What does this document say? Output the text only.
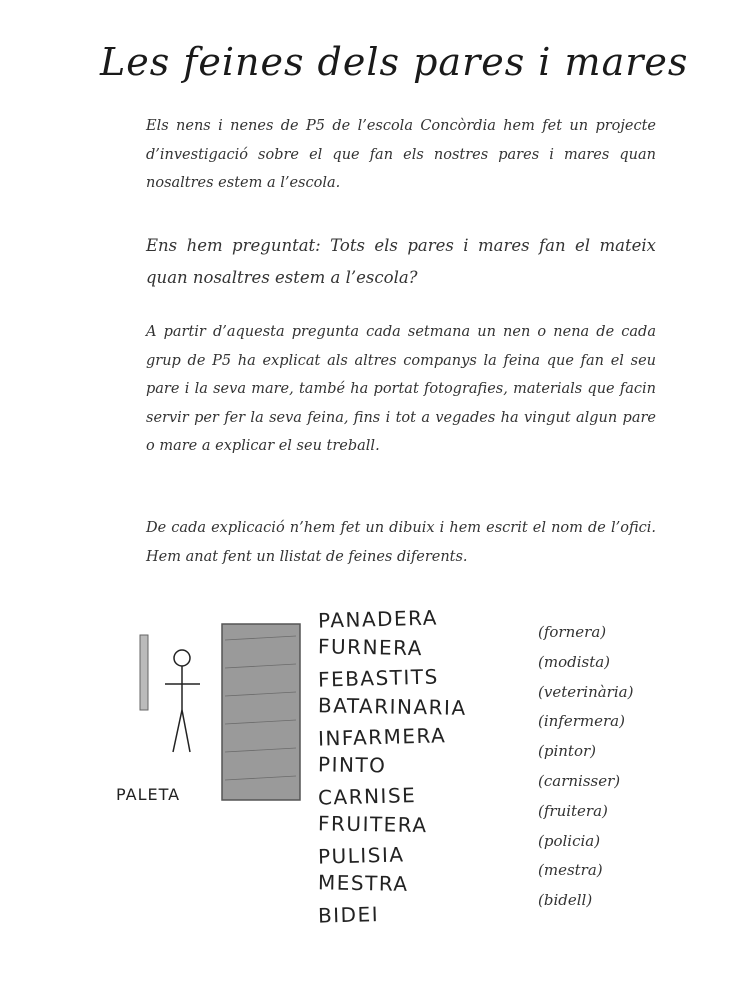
Les feines dels pares i mares

Els nens i nenes de P5 de l’escola Concòrdia hem fet un projecte d’investigació sobre el que fan els nostres pares i mares quan nosaltres estem a l’escola.

Ens hem preguntat: Tots els pares i mares fan el mateix quan nosaltres estem a l’escola?

A partir d’aquesta pregunta cada setmana un nen o nena de cada grup de P5 ha explicat als altres companys la feina que fan el seu pare i la seva mare, també ha portat fotografies, materials que facin servir per fer la seva feina, fins i tot a vegades ha vingut algun pare o mare a explicar el seu treball.

De cada explicació n’hem fet un dibuix i hem escrit el nom de l’ofici. Hem anat fent un llistat de feines diferents.

PALETA
PANADERA
FURNERA
FEBASTITS
BATARINARIA
INFARMERA
PINTO
CARNISE
FRUITERA
PULISIA
MESTRA
BIDEI
(fornera)
(modista)
(veterinària)
(infermera)
(pintor)
(carnisser)
(fruitera)
(policia)
(mestra)
(bidell)
